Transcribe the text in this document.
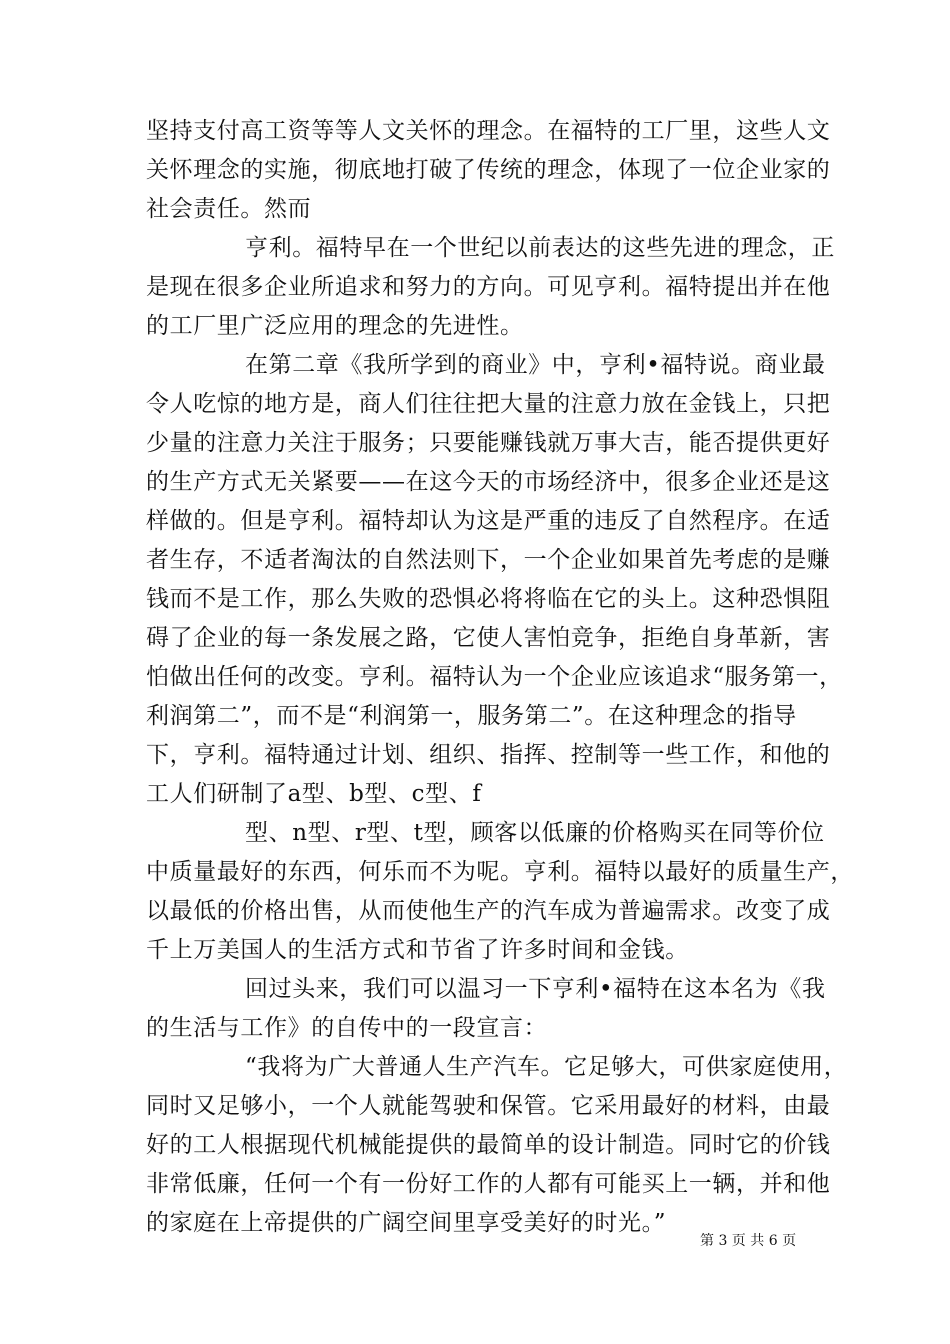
坚持支付高工资等等人文关怀的理念。在福特的工厂里，这些人文
关怀理念的实施，彻底地打破了传统的理念，体现了一位企业家的
社会责任。然而
亨利。福特早在一个世纪以前表达的这些先进的理念，正
是现在很多企业所追求和努力的方向。可见亨利。福特提出并在他
的工厂里广泛应用的理念的先进性。
在第二章《我所学到的商业》中，亨利•福特说。商业最
令人吃惊的地方是，商人们往往把大量的注意力放在金钱上，只把
少量的注意力关注于服务；只要能赚钱就万事大吉，能否提供更好
的生产方式无关紧要——在这今天的市场经济中，很多企业还是这
样做的。但是亨利。福特却认为这是严重的违反了自然程序。在适
者生存，不适者淘汰的自然法则下，一个企业如果首先考虑的是赚
钱而不是工作，那么失败的恐惧必将将临在它的头上。这种恐惧阻
碍了企业的每一条发展之路，它使人害怕竞争，拒绝自身革新，害
怕做出任何的改变。亨利。福特认为一个企业应该追求“服务第一，
利润第二”，而不是“利润第一，服务第二”。在这种理念的指导
下，亨利。福特通过计划、组织、指挥、控制等一些工作，和他的
工人们研制了a型、b型、c型、f
型、n型、r型、t型，顾客以低廉的价格购买在同等价位
中质量最好的东西，何乐而不为呢。亨利。福特以最好的质量生产，
以最低的价格出售，从而使他生产的汽车成为普遍需求。改变了成
千上万美国人的生活方式和节省了许多时间和金钱。
回过头来，我们可以温习一下亨利•福特在这本名为《我
的生活与工作》的自传中的一段宣言：
“我将为广大普通人生产汽车。它足够大，可供家庭使用，
同时又足够小，一个人就能驾驶和保管。它采用最好的材料，由最
好的工人根据现代机械能提供的最简单的设计制造。同时它的价钱
非常低廉，任何一个有一份好工作的人都有可能买上一辆，并和他
的家庭在上帝提供的广阔空间里享受美好的时光。”
第 3 页 共 6 页
